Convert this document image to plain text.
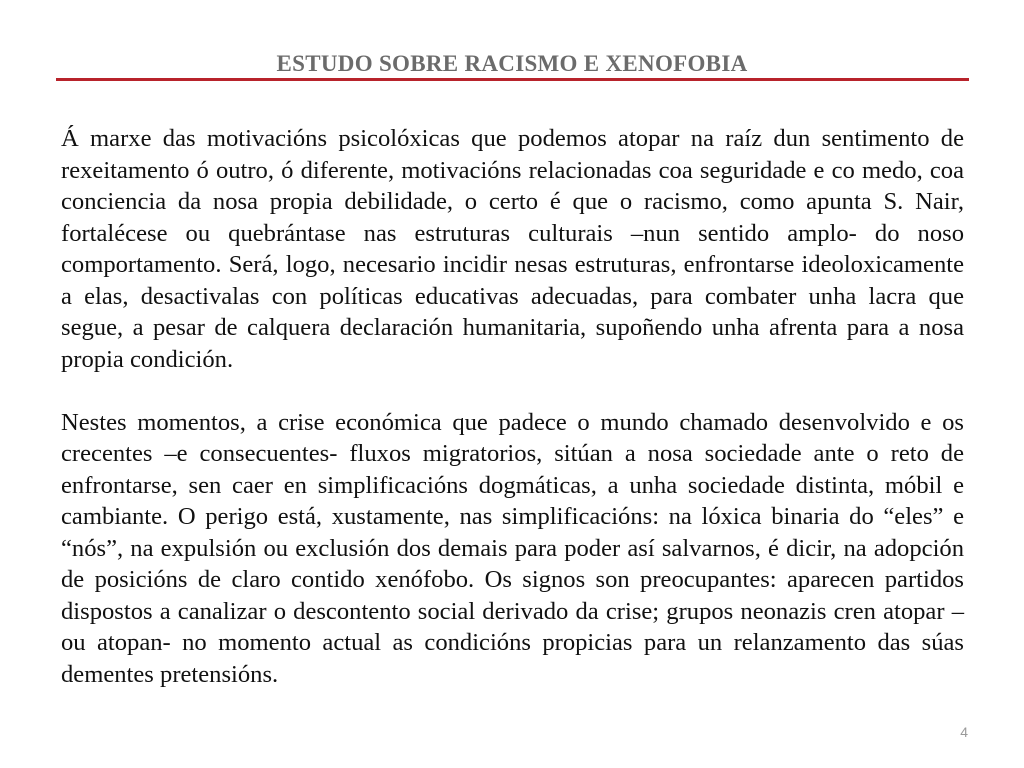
ESTUDO SOBRE RACISMO E XENOFOBIA

Á marxe das motivacións psicolóxicas que podemos atopar na raíz dun sentimento de rexeitamento ó outro, ó diferente, motivacións relacionadas coa seguridade e co medo, coa conciencia da nosa propia debilidade, o certo é que o racismo, como apunta S. Nair, fortalécese ou quebrántase nas estruturas culturais –nun sentido amplo- do noso comportamento. Será, logo, necesario incidir nesas estruturas, enfrontarse ideoloxicamente a elas, desactivalas con políticas educativas adecuadas, para combater unha lacra que segue, a pesar de calquera declaración humanitaria, supoñendo unha afrenta para a nosa propia condición.

Nestes momentos, a crise económica que padece o mundo chamado desenvolvido e os crecentes –e consecuentes- fluxos migratorios, sitúan a nosa sociedade ante o reto de enfrontarse, sen caer en simplificacións dogmáticas, a unha sociedade distinta, móbil e cambiante. O perigo está, xustamente, nas simplificacións: na lóxica binaria do “eles” e “nós”, na expulsión ou exclusión dos demais para poder así salvarnos, é dicir, na adopción de posicións de claro contido xenófobo. Os signos son preocupantes: aparecen partidos dispostos a canalizar o descontento social derivado da crise; grupos neonazis cren atopar –ou atopan- no momento actual as condicións propicias para un relanzamento das súas dementes pretensións.

4
